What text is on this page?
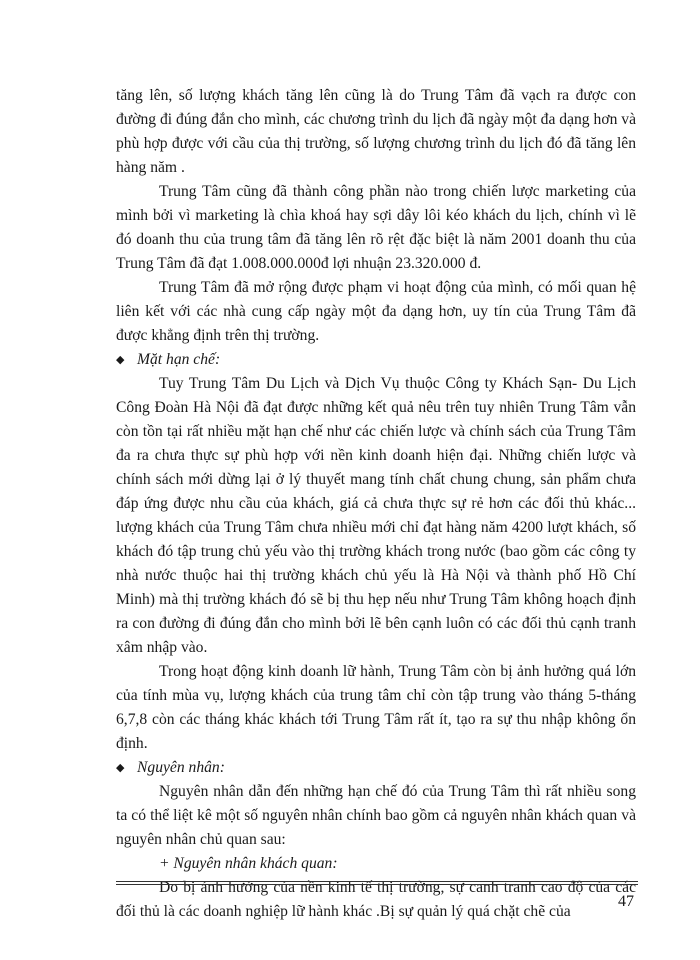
tăng lên, số lượng khách tăng lên cũng là do Trung Tâm đã vạch ra được con đường đi đúng đắn cho mình, các chương trình du lịch đã ngày một đa dạng hơn và phù hợp được với cầu của thị trường, số lượng chương trình du lịch đó đã tăng lên hàng năm .

Trung Tâm cũng đã thành công phần nào trong chiến lược marketing của mình bởi vì marketing là chìa khoá hay sợi dây lôi kéo khách du lịch, chính vì lẽ đó doanh thu của trung tâm đã tăng lên rõ rệt đặc biệt là năm 2001 doanh thu của Trung Tâm đã đạt 1.008.000.000đ lợi nhuận 23.320.000 đ.

Trung Tâm đã mở rộng được phạm vi hoạt động của mình, có mối quan hệ liên kết với các nhà cung cấp ngày một đa dạng hơn, uy tín của Trung Tâm đã được khẳng định trên thị trường.

◆ Mặt hạn chế:

Tuy Trung Tâm Du Lịch và Dịch Vụ thuộc Công ty Khách Sạn- Du Lịch Công Đoàn Hà Nội đã đạt được những kết quả nêu trên tuy nhiên Trung Tâm vẫn còn tồn tại rất nhiều mặt hạn chế như các chiến lược và chính sách của Trung Tâm đa ra chưa thực sự phù hợp với nền kinh doanh hiện đại. Những chiến lược và chính sách mới dừng lại ở lý thuyết mang tính chất chung chung, sản phẩm chưa đáp ứng được nhu cầu của khách, giá cả chưa thực sự rẻ hơn các đối thủ khác... lượng khách của Trung Tâm chưa nhiều mới chỉ đạt hàng năm 4200 lượt khách, số khách đó tập trung chủ yếu vào thị trường khách trong nước (bao gồm các công ty nhà nước thuộc hai thị trường khách chủ yếu là Hà Nội và thành phố Hồ Chí Minh) mà thị trường khách đó sẽ bị thu hẹp nếu như Trung Tâm không hoạch định ra con đường đi đúng đắn cho mình bởi lẽ bên cạnh luôn có các đối thủ cạnh tranh xâm nhập vào.

Trong hoạt động kinh doanh lữ hành, Trung Tâm còn bị ảnh hưởng quá lớn của tính mùa vụ, lượng khách của trung tâm chỉ còn tập trung vào tháng 5-tháng 6,7,8 còn các tháng khác khách tới Trung Tâm rất ít, tạo ra sự thu nhập không ổn định.

◆ Nguyên nhân:

Nguyên nhân dẫn đến những hạn chế đó của Trung Tâm thì rất nhiều song ta có thể liệt kê một số nguyên nhân chính bao gồm cả nguyên nhân khách quan và nguyên nhân chủ quan sau:

+ Nguyên nhân khách quan:

Do bị ảnh hưởng của nền kinh tế thị trường, sự canh tranh cao độ của các đối thủ là các doanh nghiệp lữ hành khác .Bị sự quản lý quá chặt chẽ của

47
